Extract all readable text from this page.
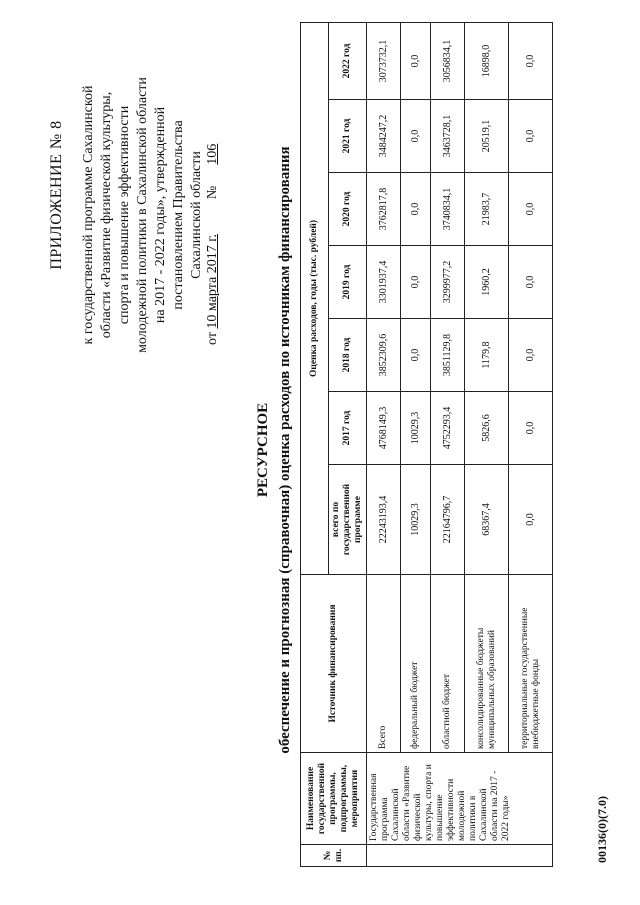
ПРИЛОЖЕНИЕ № 8 к государственной программе Сахалинской области «Развитие физической культуры, спорта и повышение эффективности молодежной политики в Сахалинской области на 2017 - 2022 годы», утвержденной постановлением Правительства Сахалинской области
от 10 марта 2017 г.  № 106
РЕСУРСНОЕ обеспечение и прогнозная (справочная) оценка расходов по источникам финансирования
№ пп.	Наименование государственной программы, подпрограммы, мероприятия	Источник финансирования	Оценка расходов, годы (тыс. рублей)						
			всего по государственной программе	2017 год	2018 год	2019 год	2020 год	2021 год	2022 год
	Государственная программа Сахалинской области «Развитие физической культуры, спорта и повышение эффективности молодежной политики в Сахалинской области на 2017 - 2022 годы»	Всего	22243193,4	4768149,3	3852309,6	3301937,4	3762817,8	3484247,2	3073732,1
		федеральный бюджет	10029,3	10029,3	0,0	0,0	0,0	0,0	0,0
		областной бюджет	22164796,7	4752293,4	3851129,8	3299977,2	3740834,1	3463728,1	3056834,1
		консолидированные бюджеты муниципальных образований	68367,4	5826,6	1179,8	1960,2	21983,7	20519,1	16898,0
		территориальные государственные внебюджетные фонды	0,0	0,0	0,0	0,0	0,0	0,0	0,0
00136(0)(7.0)
